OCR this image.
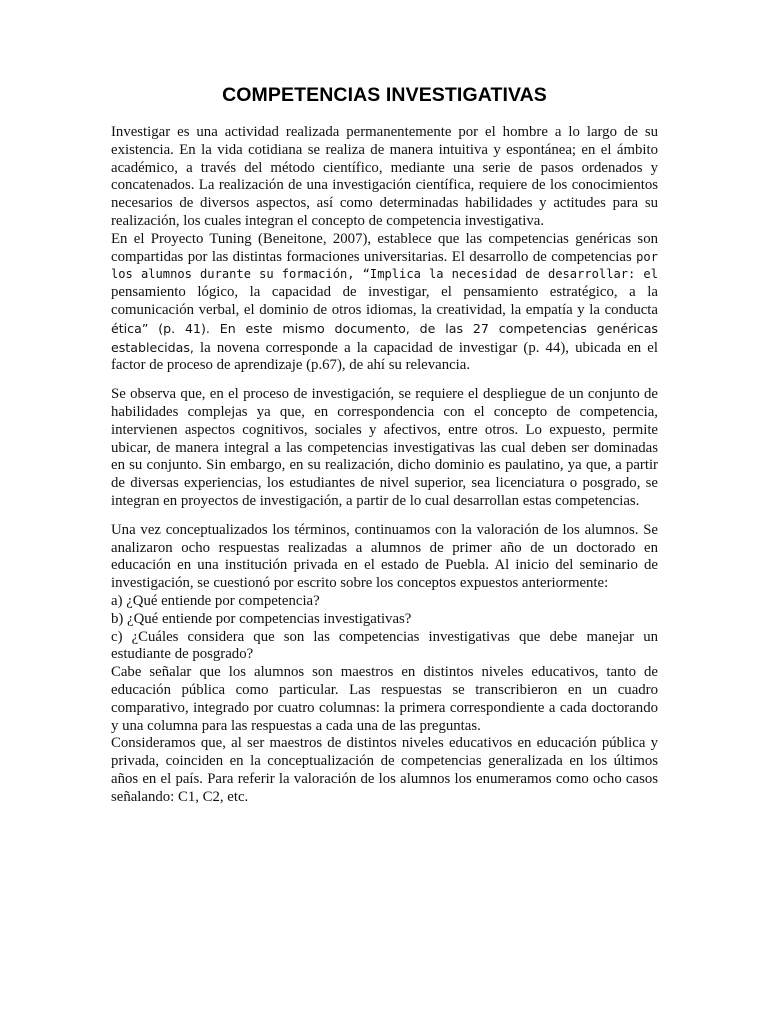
COMPETENCIAS INVESTIGATIVAS

Investigar es una actividad realizada permanentemente por el hombre a lo largo de su existencia. En la vida cotidiana se realiza de manera intuitiva y espontánea; en el ámbito académico, a través del método científico, mediante una serie de pasos ordenados y concatenados. La realización de una investigación científica, requiere de los conocimientos necesarios de diversos aspectos, así como determinadas habilidades y actitudes para su realización, los cuales integran el concepto de competencia investigativa.

En el Proyecto Tuning (Beneitone, 2007), establece que las competencias genéricas son compartidas por las distintas formaciones universitarias. El desarrollo de competencias por los alumnos durante su formación, “Implica la necesidad de desarrollar: el pensamiento lógico, la capacidad de investigar, el pensamiento estratégico, a la comunicación verbal, el dominio de otros idiomas, la creatividad, la empatía y la conducta ética” (p. 41). En este mismo documento, de las 27 competencias genéricas establecidas, la novena corresponde a la capacidad de investigar (p. 44), ubicada en el factor de proceso de aprendizaje (p.67), de ahí su relevancia.

Se observa que, en el proceso de investigación, se requiere el despliegue de un conjunto de habilidades complejas ya que, en correspondencia con el concepto de competencia, intervienen aspectos cognitivos, sociales y afectivos, entre otros. Lo expuesto, permite ubicar, de manera integral a las competencias investigativas las cual deben ser dominadas en su conjunto. Sin embargo, en su realización, dicho dominio es paulatino, ya que, a partir de diversas experiencias, los estudiantes de nivel superior, sea licenciatura o posgrado, se integran en proyectos de investigación, a partir de lo cual desarrollan estas competencias.

Una vez conceptualizados los términos, continuamos con la valoración de los alumnos. Se analizaron ocho respuestas realizadas a alumnos de primer año de un doctorado en educación en una institución privada en el estado de Puebla. Al inicio del seminario de investigación, se cuestionó por escrito sobre los conceptos expuestos anteriormente:

a) ¿Qué entiende por competencia?

b) ¿Qué entiende por competencias investigativas?

c) ¿Cuáles considera que son las competencias investigativas que debe manejar un estudiante de posgrado?

Cabe señalar que los alumnos son maestros en distintos niveles educativos, tanto de educación pública como particular. Las respuestas se transcribieron en un cuadro comparativo, integrado por cuatro columnas: la primera correspondiente a cada doctorando y una columna para las respuestas a cada una de las preguntas.

Consideramos que, al ser maestros de distintos niveles educativos en educación pública y privada, coinciden en la conceptualización de competencias generalizada en los últimos años en el país. Para referir la valoración de los alumnos los enumeramos como ocho casos señalando: C1, C2, etc.
